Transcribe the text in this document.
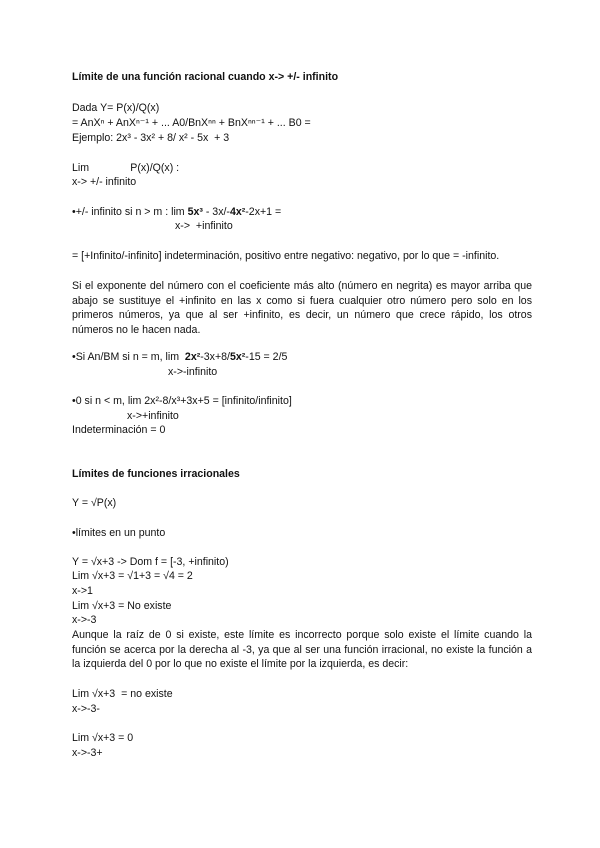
Límite de una función racional cuando x-> +/- infinito

Dada Y= P(x)/Q(x)

= AnXⁿ + AnXⁿ⁻¹ + ... A0/BnXⁿⁿ + BnXⁿⁿ⁻¹ + ... B0 =

Ejemplo: 2x³ - 3x² + 8/ x² - 5x  + 3

Lim              P(x)/Q(x) :

x-> +/- infinito

•+/- infinito si n > m : lim 5x³ - 3x/-4x²-2x+1 =

x->  +infinito

= [+Infinito/-infinito] indeterminación, positivo entre negativo: negativo, por lo que = -infinito.

Si el exponente del número con el coeficiente más alto (número en negrita) es mayor arriba que abajo se sustituye el +infinito en las x como si fuera cualquier otro número pero solo en los primeros números, ya que al ser +infinito, es decir, un número que crece rápido, los otros números no le hacen nada.

•Si An/BM si n = m, lim  2x²-3x+8/5x²-15 = 2/5

x->-infinito

•0 si n < m, lim 2x²-8/x³+3x+5 = [infinito/infinito]

x->+infinito

Indeterminación = 0

Límites de funciones irracionales

Y = √P(x)

•límites en un punto

Y = √x+3 -> Dom f = [-3, +infinito)

Lim √x+3 = √1+3 = √4 = 2

x->1

Lim √x+3 = No existe

x->-3

Aunque la raíz de 0 si existe, este límite es incorrecto porque solo existe el límite cuando la función se acerca por la derecha al -3, ya que al ser una función irracional, no existe la función a la izquierda del 0 por lo que no existe el límite por la izquierda, es decir:

Lim √x+3  = no existe

x->-3-

Lim √x+3 = 0

x->-3+
